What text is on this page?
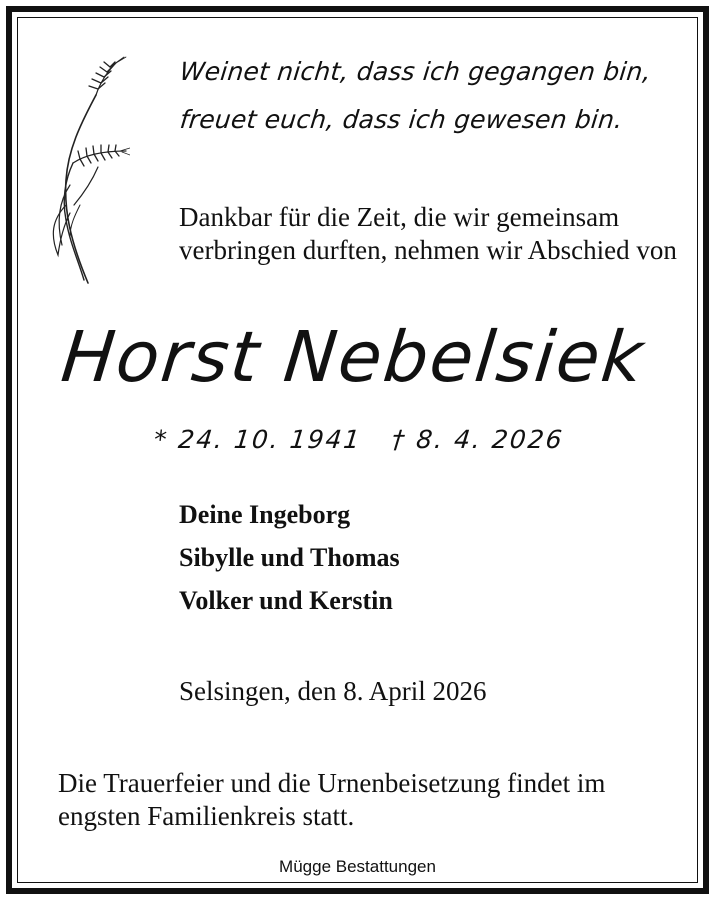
Weinet nicht, dass ich gegangen bin,
freuet euch, dass ich gewesen bin.
Dankbar für die Zeit, die wir gemeinsam verbringen durften, nehmen wir Abschied von
Horst Nebelsiek
* 24. 10. 1941 † 8. 4. 2026
Deine Ingeborg
Sibylle und Thomas
Volker und Kerstin
Selsingen, den 8. April 2026
Die Trauerfeier und die Urnenbeisetzung findet im engsten Familienkreis statt.
Mügge Bestattungen
